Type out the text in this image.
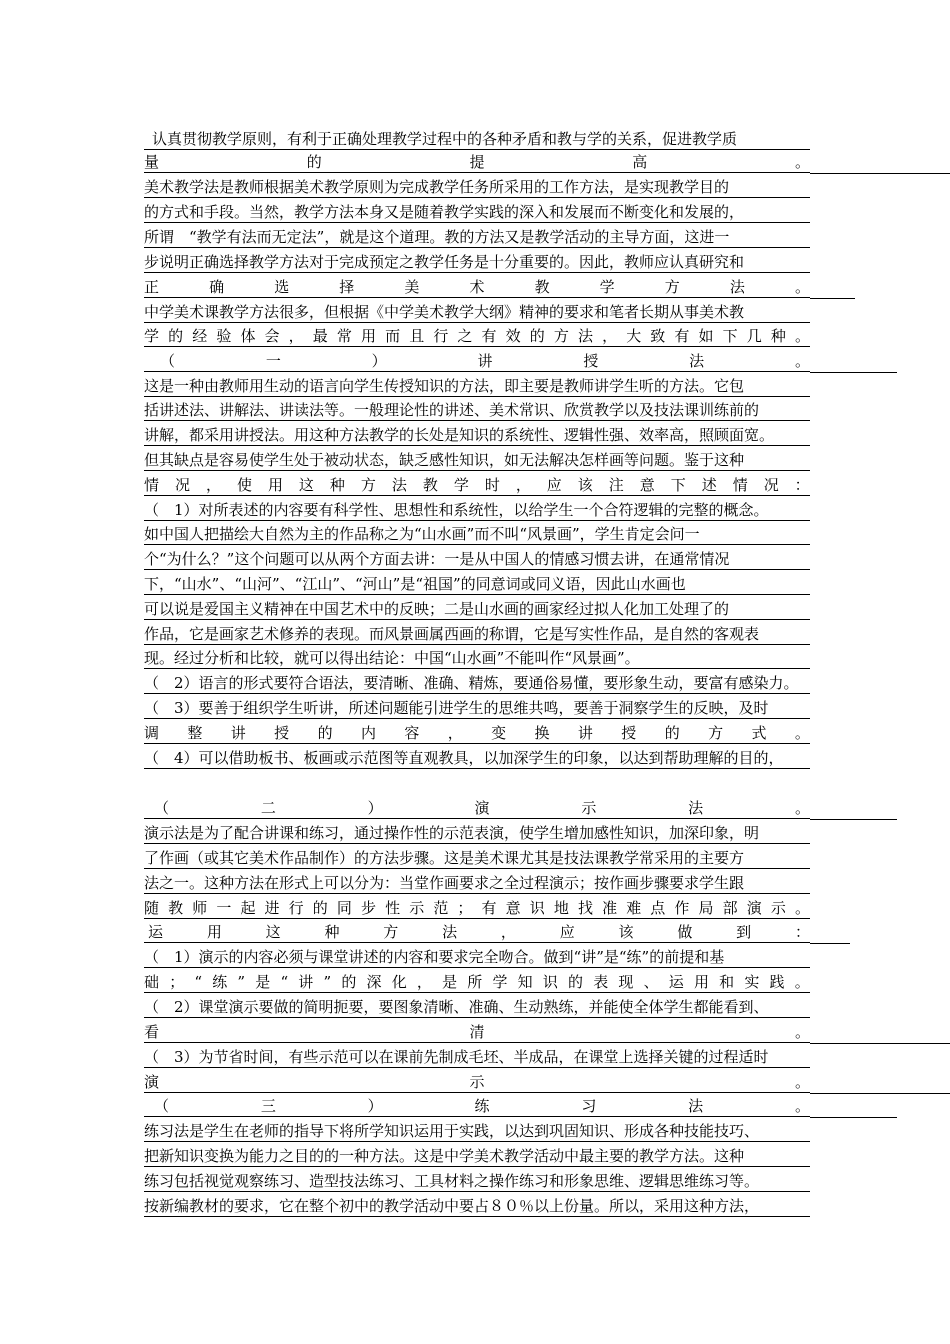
认真贯彻教学原则，有利于正确处理教学过程中的各种矛盾和教与学的关系，促进教学质
量	的	提	高	。
美术教学法是教师根据美术教学原则为完成教学任务所采用的工作方法，是实现教学目的
的方式和手段。当然，教学方法本身又是随着教学实践的深入和发展而不断变化和发展的，
所谓　“教学有法而无定法”，就是这个道理。教的方法又是教学活动的主导方面，这进一
步说明正确选择教学方法对于完成预定之教学任务是十分重要的。因此，教师应认真研究和
正	确	选	择	美	术	教	学	方	法	。
中学美术课教学方法很多，但根据《中学美术教学大纲》精神的要求和笔者长期从事美术教
学 的 经 验 体 会 ， 最 常 用 而 且 行 之 有 效 的 方 法 ， 大 致 有 如 下 几 种 。
（	一	）	讲	授	法	。
这是一种由教师用生动的语言向学生传授知识的方法，即主要是教师讲学生听的方法。它包
括讲述法、讲解法、讲读法等。一般理论性的讲述、美术常识、欣赏教学以及技法课训练前的
讲解，都采用讲授法。用这种方法教学的长处是知识的系统性、逻辑性强、效率高，照顾面宽。
但其缺点是容易使学生处于被动状态，缺乏感性知识，如无法解决怎样画等问题。鉴于这种
情 况 ， 使 用 这 种 方 法 教 学 时 ， 应 该 注 意 下 述 情 况 ：
（　1）对所表述的内容要有科学性、思想性和系统性，以给学生一个合符逻辑的完整的概念。
如中国人把描绘大自然为主的作品称之为“山水画”而不叫“风景画”，学生肯定会问一
个“为什么？”这个问题可以从两个方面去讲：一是从中国人的情感习惯去讲，在通常情况
下，“山水”、“山河”、“江山”、“河山”是“祖国”的同意词或同义语，因此山水画也
可以说是爱国主义精神在中国艺术中的反映；二是山水画的画家经过拟人化加工处理了的
作品，它是画家艺术修养的表现。而风景画属西画的称谓，它是写实性作品，是自然的客观表
现。经过分析和比较，就可以得出结论：中国“山水画”不能叫作“风景画”。
（　2）语言的形式要符合语法，要清晰、准确、精炼，要通俗易懂，要形象生动，要富有感染力。
（　3）要善于组织学生听讲，所述问题能引进学生的思维共鸣，要善于洞察学生的反映，及时
调 整 讲 授 的 内 容 ， 变 换 讲 授 的 方 式 。
（　4）可以借助板书、板画或示范图等直观教具，以加深学生的印象，以达到帮助理解的目的，
（	二	）	演	示	法	。
演示法是为了配合讲课和练习，通过操作性的示范表演，使学生增加感性知识，加深印象，明
了作画（或其它美术作品制作）的方法步骤。这是美术课尤其是技法课教学常采用的主要方
法之一。这种方法在形式上可以分为：当堂作画要求之全过程演示；按作画步骤要求学生跟
随 教 师 一 起 进 行 的 同 步 性 示 范 ； 有 意 识 地 找 准 难 点 作 局 部 演 示 。
运	用	这	种	方	法	，	应	该	做	到	：
（　1）演示的内容必须与课堂讲述的内容和要求完全吻合。做到“讲”是“练”的前提和基
础 ； “ 练 ” 是 “ 讲 ” 的 深 化 ， 是 所 学 知 识 的 表 现 、 运 用 和 实 践 。
（　2）课堂演示要做的简明扼要，要图象清晰、准确、生动熟练，并能使全体学生都能看到、
看	清	。
（　3）为节省时间，有些示范可以在课前先制成毛坯、半成品，在课堂上选择关键的过程适时
演	示	。
（	三	）	练	习	法	。
练习法是学生在老师的指导下将所学知识运用于实践，以达到巩固知识、形成各种技能技巧、
把新知识变换为能力之目的的一种方法。这是中学美术教学活动中最主要的教学方法。这种
练习包括视觉观察练习、造型技法练习、工具材料之操作练习和形象思维、逻辑思维练习等。
按新编教材的要求，它在整个初中的教学活动中要占８０％以上份量。所以，采用这种方法，
